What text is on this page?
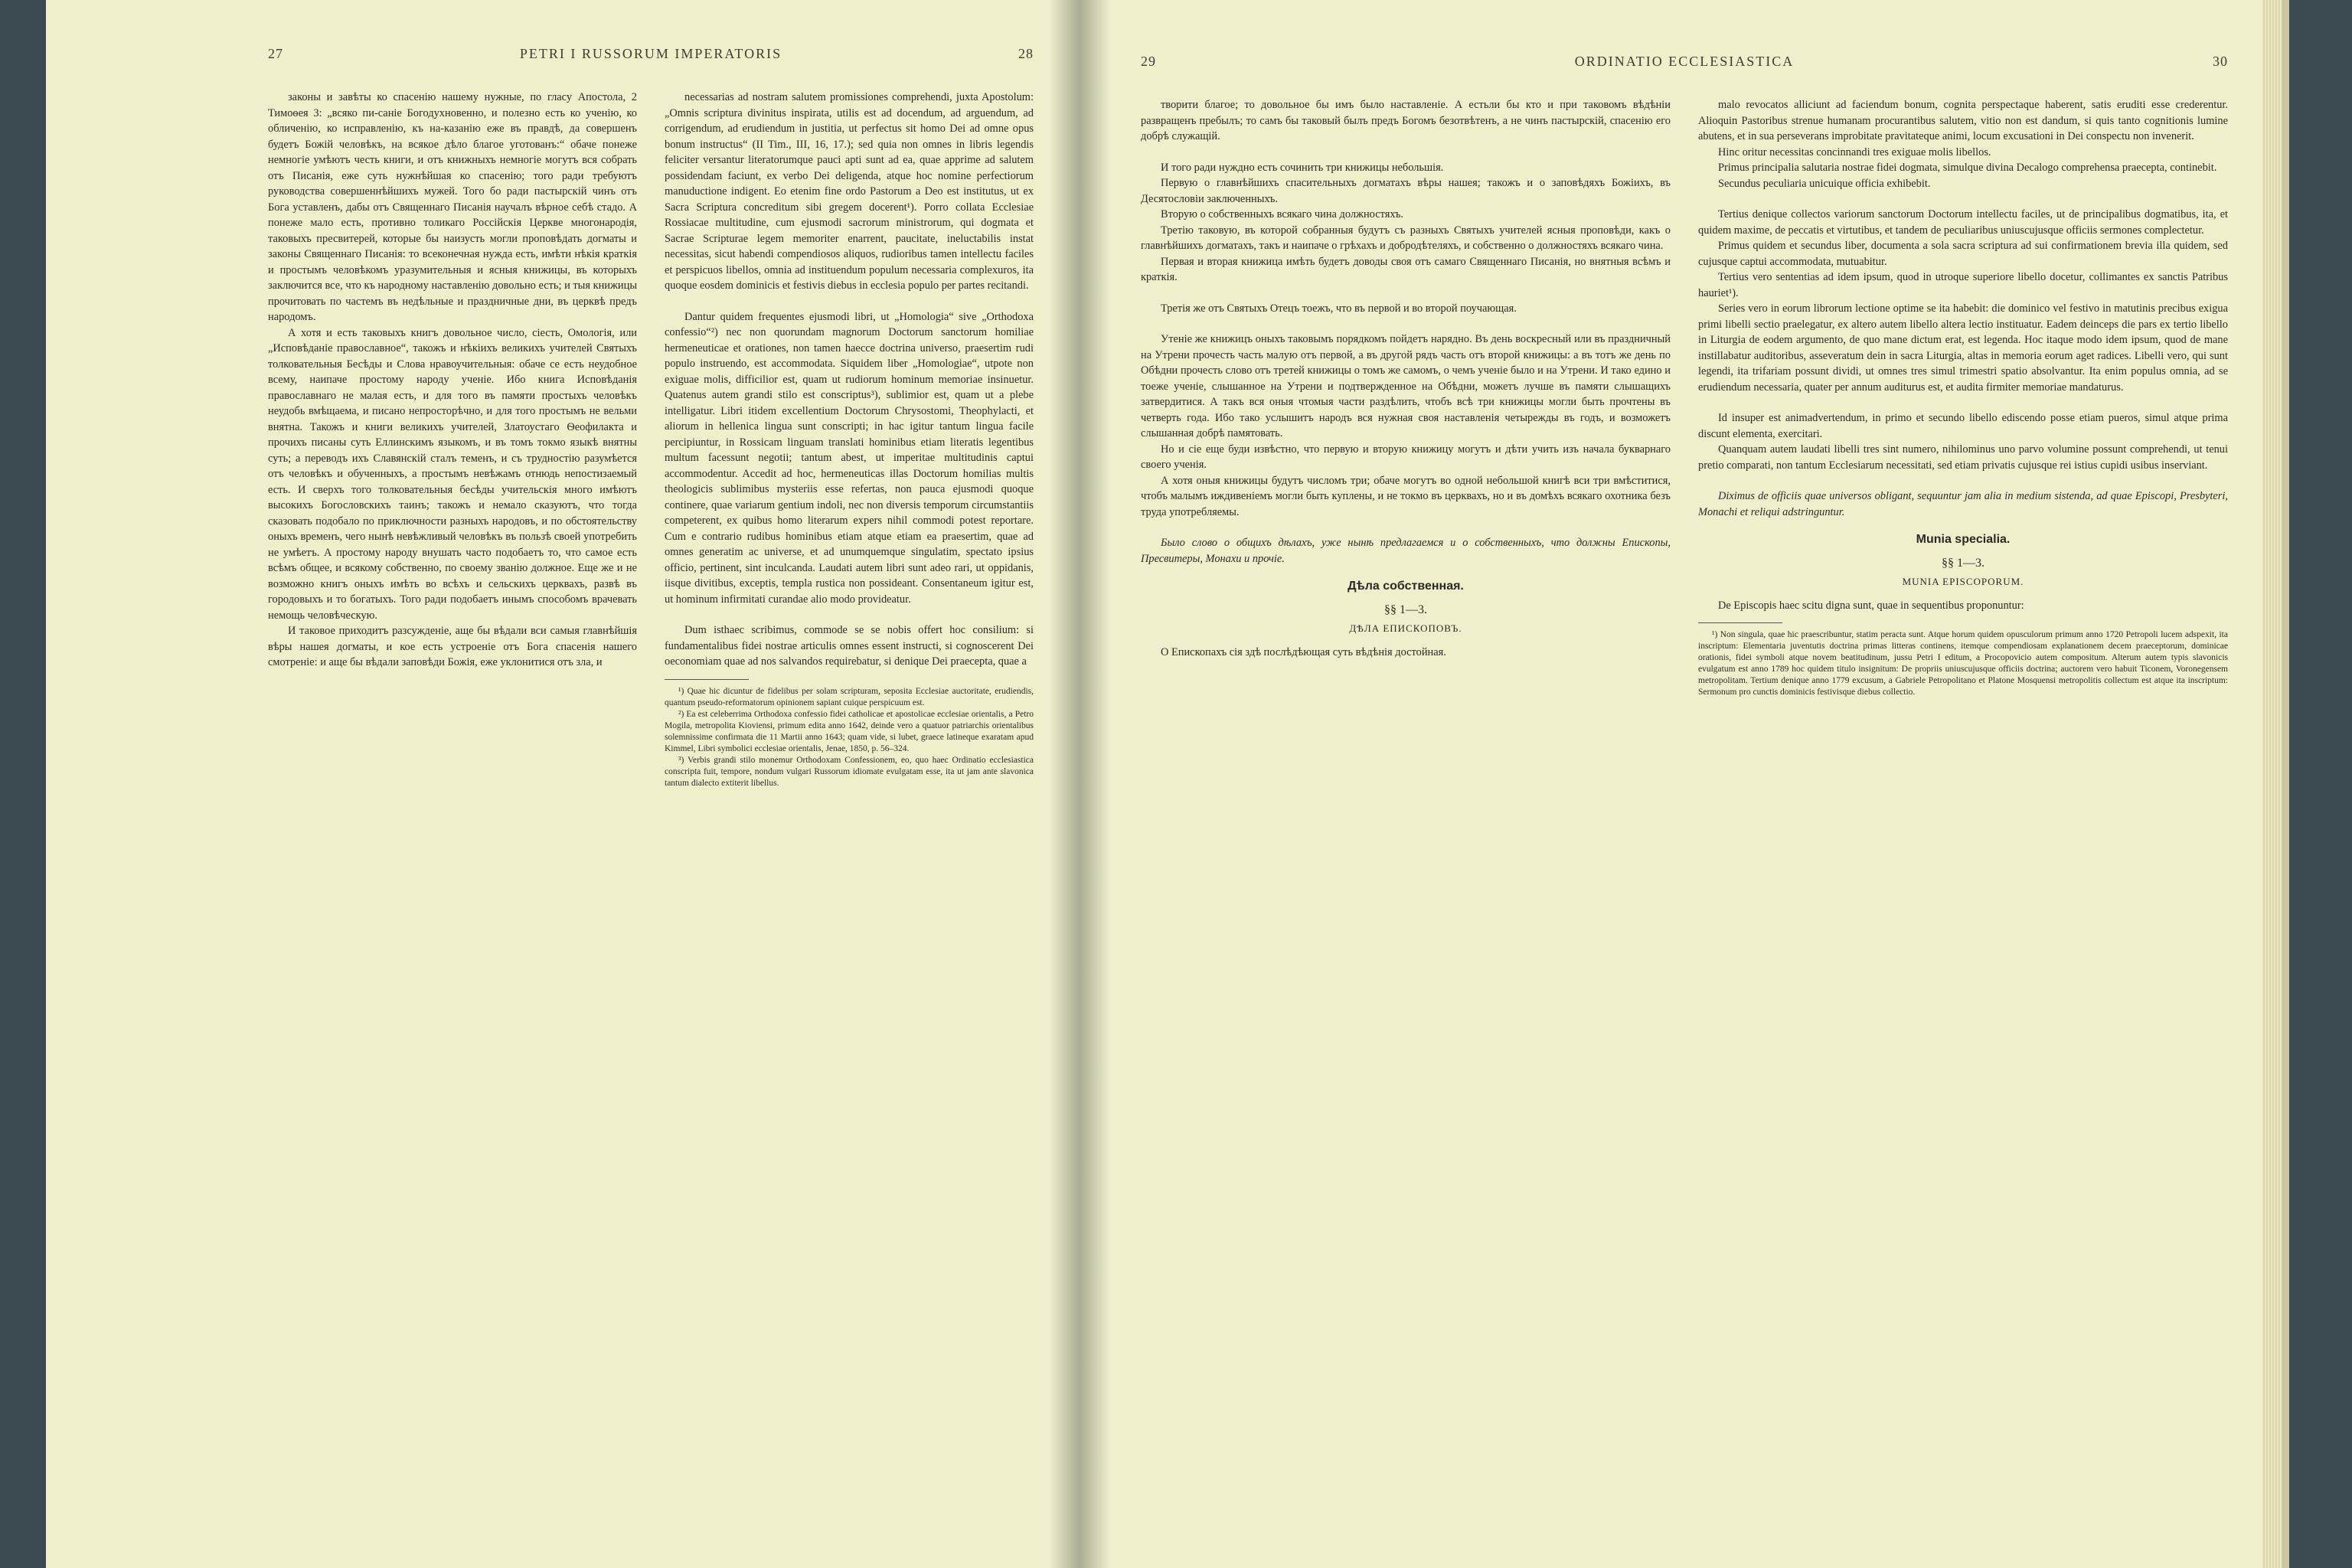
27	PETRI I RUSSORUM IMPERATORIS	28

законы и завѣты ко спасенію нашему нужныe, по гласу Апостола, 2 Тимоѳея 3: „всяко пи-саніе Богодухновенно, и полезно есть ко ученію, ко обличенію, ко исправленію, къ на-казанію еже въ правдѣ, да совершенъ будетъ Божій человѣкъ, на всякое дѣло благое уготованъ:“ обаче понеже немногіе умѣютъ честь книги, и отъ книжныхъ немногіе могутъ вся собрать отъ Писанія, еже суть нужнѣйшая ко спасенію; того ради требуютъ руководства совершеннѣйшихъ мужей. Того бо ради пастырскій чинъ отъ Бога уставленъ, дабы отъ Священнаго Писанія научалъ вѣрное себѣ стадо. А понеже мало есть, противно толикаго Россійскія Церкве многонародія, таковыхъ пресвитерей, которые бы наизусть могли проповѣдать догматы и законы Священнаго Писанія: то всеконечная нужда есть, имѣти нѣкія краткія и простымъ человѣкомъ уразумительныя и ясныя книжицы, въ которыхъ заключится все, что къ народному наставленію довольно есть; и тыя книжицы прочитовать по частемъ въ недѣльные и праздничные дни, въ церквѣ предъ народомъ.

А хотя и есть таковыхъ книгъ довольное число, сіесть, Омологія, или „Исповѣданіе православное“, такожъ и нѣкіихъ великихъ учителей Святыхъ толковательныя Бесѣды и Слова нравоучительныя: обаче сe есть неудобное всему, наипаче простому народу ученіе. Ибо книга Исповѣданія православнаго не малая есть, и для того въ памяти простыхъ человѣкъ неудобь вмѣщаема, и писано непросторѣчно, и для того простымъ не вельми внятна. Такожъ и книги великихъ учителей, Златоустаго Ѳеофилакта и прочихъ писаны суть Еллинскимъ языкомъ, и въ томъ токмо языкѣ внятны суть; а переводъ ихъ Славянскій сталъ теменъ, и съ трудностію разумѣется отъ человѣкъ и обученныхъ, а простымъ невѣжамъ отнюдь непостизаемый есть. И сверхъ того толковательныя бесѣды учительскія много имѣютъ высокихъ Богословскихъ таинъ; такожъ и немало сказуютъ, что тогда сказовать подобало по приключности разныхъ народовъ, и по обстоятельству оныхъ временъ, чего нынѣ невѣжливый человѣкъ въ пользѣ своей употребить не умѣетъ. А простому народу внушать часто подобаетъ то, что самое есть всѣмъ общее, и всякому собственно, по своему званію должное. Еще же и не возможно книгъ оныхъ имѣть во всѣхъ и сельскихъ церквахъ, развѣ въ городовыхъ и то богатыхъ. Того ради подобаетъ инымъ способомъ врачевать немощь человѣческую.

И таковое приходитъ разсужденіе, аще бы вѣдали вси самыя главнѣйшія вѣры нашея догматы, и кое есть устроеніе отъ Бога спасенія нашего смотреніе: и аще бы вѣдали заповѣди Божія, еже уклонитися отъ зла, и

necessarias ad nostram salutem promissiones comprehendi, juxta Apostolum: „Omnis scriptura divinitus inspirata, utilis est ad docendum, ad arguendum, ad corrigendum, ad erudiendum in justitia, ut perfectus sit homo Dei ad omne opus bonum instructus“ (II Tim., III, 16, 17.); sed quia non omnes in libris legendis feliciter versantur literatorumque pauci apti sunt ad ea, quae apprime ad salutem possidendam faciunt, ex verbo Dei deligenda, atque hoc nomine perfectiorum manuductione indigent. Eo etenim fine ordo Pastorum a Deo est institutus, ut ex Sacra Scriptura concreditum sibi gregem docerent¹). Porro collata Ecclesiae Rossiacae multitudine, cum ejusmodi sacrorum ministrorum, qui dogmata et Sacrae Scripturae legem memoriter enarrent, paucitate, ineluctabilis instat necessitas, sicut habendi compendiosos aliquos, rudioribus tamen intellectu faciles et perspicuos libellos, omnia ad instituendum populum necessaria complexuros, ita quoque eosdem dominicis et festivis diebus in ecclesia populo per partes recitandi.

Dantur quidem frequentes ejusmodi libri, ut „Homologia“ sive „Orthodoxa confessio“²) nec non quorundam magnorum Doctorum sanctorum homiliae hermeneuticae et orationes, non tamen haecce doctrina universo, praesertim rudi populo instruendo, est accommodata. Siquidem liber „Homologiae“, utpote non exiguae molis, difficilior est, quam ut rudiorum hominum memoriae insinuetur. Quatenus autem grandi stilo est conscriptus³), sublimior est, quam ut a plebe intelligatur. Libri itidem excellentium Doctorum Chrysostomi, Theophylacti, et aliorum in hellenica lingua sunt conscripti; in hac igitur tantum lingua facile percipiuntur, in Rossicam linguam translati hominibus etiam literatis legentibus multum facessunt negotii; tantum abest, ut imperitae multitudinis captui accommodentur. Accedit ad hoc, hermeneuticas illas Doctorum homilias multis theologicis sublimibus mysteriis esse refertas, non pauca ejusmodi quoque continere, quae variarum gentium indoli, nec non diversis temporum circumstantiis competerent, ex quibus homo literarum expers nihil commodi potest reportare. Cum e contrario rudibus hominibus etiam atque etiam ea praesertim, quae ad omnes generatim ac universe, et ad unumquemque singulatim, spectato ipsius officio, pertinent, sint inculcanda. Laudati autem libri sunt adeo rari, ut oppidanis, iisque divitibus, exceptis, templa rustica non possideant. Consentaneum igitur est, ut hominum infirmitati curandae alio modo provideatur.

Dum isthaec scribimus, commode se se nobis offert hoc consilium: si fundamentalibus fidei nostrae articulis omnes essent instructi, si cognoscerent Dei oeconomiam quae ad nos salvandos requirebatur, si denique Dei praecepta, quae a

¹) Quae hic dicuntur de fidelibus per solam scripturam, seposita Ecclesiae auctoritate, erudiendis, quantum pseudo-reformatorum opinionem sapiant cuique perspicuum est.

²) Ea est celeberrima Orthodoxa confessio fidei catholicae et apostolicae ecclesiae orientalis, a Petro Mogila, metropolita Kioviensi, primum edita anno 1642, deinde vero a quatuor patriarchis orientalibus solemnissime confirmata die 11 Martii anno 1643; quam vide, si lubet, graece latineque exaratam apud Kimmel, Libri symbolici ecclesiae orientalis, Jenae, 1850, p. 56–324.

³) Verbis grandi stilo monemur Orthodoxam Confessionem, eo, quo haec Ordinatio ecclesiastica conscripta fuit, tempore, nondum vulgari Russorum idiomate evulgatam esse, ita ut jam ante slavonica tantum dialecto extiterit libellus.

29	ORDINATIO ECCLESIASTICA	30

творити благое; то довольное бы имъ было наставленіе. А естьли бы кто и при таковомъ вѣдѣніи развращенъ пребылъ; то самъ бы таковый былъ предъ Богомъ безотвѣтенъ, а не чинъ пастырскій, спасенію его добрѣ служащій.

И того ради нуждно есть сочинить три книжицы небольшія.

Первую о главнѣйшихъ спасительныхъ догматахъ вѣры нашея; такожъ и о заповѣдяхъ Божіихъ, въ Десятословіи заключенныхъ.

Вторую о собственныхъ всякаго чина должностяхъ.

Третію таковую, въ которой собранныя будутъ съ разныхъ Святыхъ учителей ясныя проповѣди, какъ о главнѣйшихъ догматахъ, такъ и наипаче о грѣхахъ и добродѣтеляхъ, и собственно о должностяхъ всякаго чина.

Первая и вторая книжица имѣть будетъ доводы своя отъ самаго Священнаго Писанія, но внятныя всѣмъ и краткія.

Третія же отъ Святыхъ Отецъ тоежъ, что въ первой и во второй поучающая.

Утеніе же книжицъ оныхъ таковымъ порядкомъ пойдетъ нарядно. Въ день воскресный или въ праздничный на Утрени прочесть часть малую отъ первой, а въ другой рядъ часть отъ второй книжицы: а въ тотъ же день по Обѣдни прочесть слово отъ третей книжицы о томъ же самомъ, о чемъ ученіе было и на Утрени. И тако едино и тоеже ученіе, слышанное на Утрени и подтвержденное на Обѣдни, можетъ лучше въ памяти слышащихъ затвердитися. А такъ вся оныя чтомыя части раздѣлить, чтобъ всѣ три книжицы могли быть прочтены въ четверть года. Ибо тако услышитъ народъ вся нужная своя наставленія четырежды въ годъ, и возможетъ слышанная добрѣ памятовать.

Но и сіе еще буди извѣстно, что первую и вторую книжицу могутъ и дѣти учить изъ начала букварнаго своего ученія.

А хотя оныя книжицы будутъ числомъ три; обаче могутъ во одной небольшой книгѣ вси три вмѣститися, чтобъ малымъ иждивеніемъ могли быть куплены, и не токмо въ церквахъ, но и въ домѣхъ всякаго охотника безъ труда употребляемы.

Было слово о общихъ дѣлахъ, уже нынѣ предлагаемся и о собственныхъ, что должны Епископы, Пресвитеры, Монахи и прочіе.

Дѣла собственная.
§§ 1—3.
ДѢЛА ЕПИСКОПОВЪ.

О Епископахъ сія здѣ послѣдѣющая суть вѣдѣнія достойная.

malo revocatos alliciunt ad faciendum bonum, cognita perspectaque haberent, satis eruditi esse crederentur. Alioquin Pastoribus strenue humanam procurantibus salutem, vitio non est dandum, si quis tanto cognitionis lumine abutens, et in sua perseverans improbitate pravitateque animi, locum excusationi in Dei conspectu non invenerit.

Hinc oritur necessitas concinnandi tres exiguae molis libellos.

Primus principalia salutaria nostrae fidei dogmata, simulque divina Decalogo comprehensa praecepta, continebit.

Secundus peculiaria unicuique officia exhibebit.

Tertius denique collectos variorum sanctorum Doctorum intellectu faciles, ut de principalibus dogmatibus, ita, et quidem maxime, de peccatis et virtutibus, et tandem de peculiaribus uniuscujusque officiis sermones complectetur.

Primus quidem et secundus liber, documenta a sola sacra scriptura ad sui confirmationem brevia illa quidem, sed cujusque captui accommodata, mutuabitur.

Tertius vero sententias ad idem ipsum, quod in utroque superiore libello docetur, collimantes ex sanctis Patribus hauriet¹).

Series vero in eorum librorum lectione optime se ita habebit: die dominico vel festivo in matutinis precibus exigua primi libelli sectio praelegatur, ex altero autem libello altera lectio instituatur. Eadem deinceps die pars ex tertio libello in Liturgia de eodem argumento, de quo mane dictum erat, est legenda. Hoc itaque modo idem ipsum, quod de mane instillabatur auditoribus, asseveratum dein in sacra Liturgia, altas in memoria eorum aget radices. Libelli vero, qui sunt legendi, ita trifariam possunt dividi, ut omnes tres simul trimestri spatio absolvantur. Ita enim populus omnia, ad se erudiendum necessaria, quater per annum auditurus est, et audita firmiter memoriae mandaturus.

Id insuper est animadvertendum, in primo et secundo libello ediscendo posse etiam pueros, simul atque prima discunt elementa, exercitari.

Quanquam autem laudati libelli tres sint numero, nihilominus uno parvo volumine possunt comprehendi, ut tenui pretio comparati, non tantum Ecclesiarum necessitati, sed etiam privatis cujusque rei istius cupidi usibus inserviant.

Diximus de officiis quae universos obligant, sequuntur jam alia in medium sistenda, ad quae Episcopi, Presbyteri, Monachi et reliqui adstringuntur.

Munia specialia.
§§ 1—3.
MUNIA EPISCOPORUM.

De Episcopis haec scitu digna sunt, quae in sequentibus proponuntur:

¹) Non singula, quae hic praescribuntur, statim peracta sunt. Atque horum quidem opusculorum primum anno 1720 Petropoli lucem adspexit, ita inscriptum: Elementaria juventutis doctrina primas litteras continens, itemque compendiosam explanationem decem praeceptorum, dominicae orationis, fidei symboli atque novem beatitudinum, jussu Petri I editum, a Procopovicio autem compositum. Alterum autem typis slavonicis evulgatum est anno 1789 hoc quidem titulo insignitum: De propriis uniuscujusque officiis doctrina; auctorem vero habuit Ticonem, Voronegensem metropolitam. Tertium denique anno 1779 excusum, a Gabriele Petropolitano et Platone Mosquensi metropolitis collectum est atque ita inscriptum: Sermonum pro cunctis dominicis festivisque diebus collectio.
